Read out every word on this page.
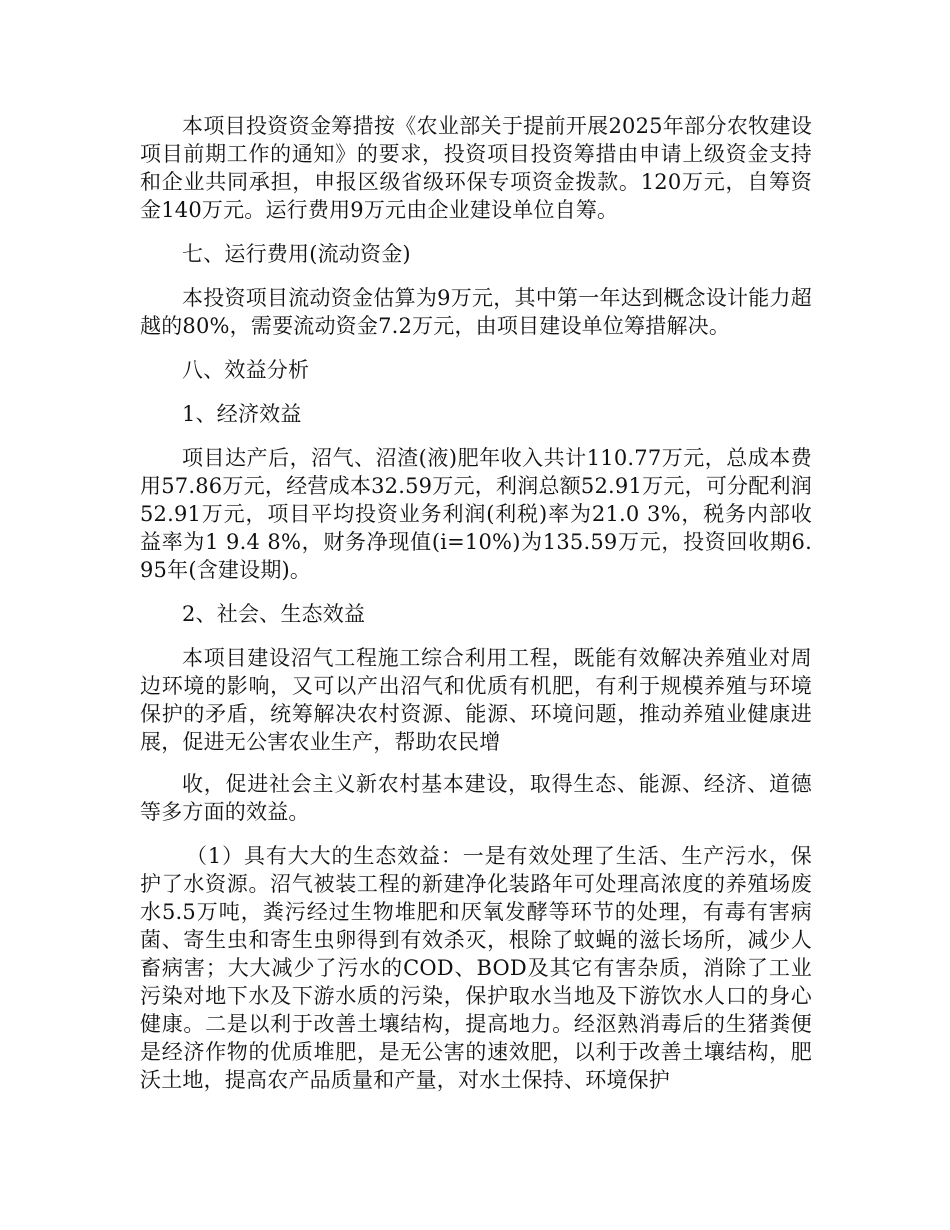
本项目投资资金筹措按《农业部关于提前开展2025年部分农牧建设项目前期工作的通知》的要求，投资项目投资筹措由申请上级资金支持和企业共同承担，申报区级省级环保专项资金拨款。120万元，自筹资金140万元。运行费用9万元由企业建设单位自筹。

七、运行费用(流动资金)

本投资项目流动资金估算为9万元，其中第一年达到概念设计能力超越的80%，需要流动资金7.2万元，由项目建设单位筹措解决。

八、效益分析

1、经济效益

项目达产后，沼气、沼渣(液)肥年收入共计110.77万元，总成本费用57.86万元，经营成本32.59万元，利润总额52.91万元，可分配利润52.91万元，项目平均投资业务利润(利税)率为21.0 3%，税务内部收益率为1 9.4 8%，财务净现值(i=10%)为135.59万元，投资回收期6.95年(含建设期)。

2、社会、生态效益

本项目建设沼气工程施工综合利用工程，既能有效解决养殖业对周边环境的影响，又可以产出沼气和优质有机肥，有利于规模养殖与环境保护的矛盾，统筹解决农村资源、能源、环境问题，推动养殖业健康进展，促进无公害农业生产，帮助农民增

收，促进社会主义新农村基本建设，取得生态、能源、经济、道德等多方面的效益。

（1）具有大大的生态效益：一是有效处理了生活、生产污水，保护了水资源。沼气被装工程的新建净化装路年可处理高浓度的养殖场废水5.5万吨，粪污经过生物堆肥和厌氧发酵等环节的处理，有毒有害病菌、寄生虫和寄生虫卵得到有效杀灭，根除了蚊蝇的滋长场所，减少人畜病害；大大减少了污水的COD、BOD及其它有害杂质，消除了工业污染对地下水及下游水质的污染，保护取水当地及下游饮水人口的身心健康。二是以利于改善土壤结构，提高地力。经沤熟消毒后的生猪粪便是经济作物的优质堆肥，是无公害的速效肥，以利于改善土壤结构，肥沃土地，提高农产品质量和产量，对水土保持、环境保护
